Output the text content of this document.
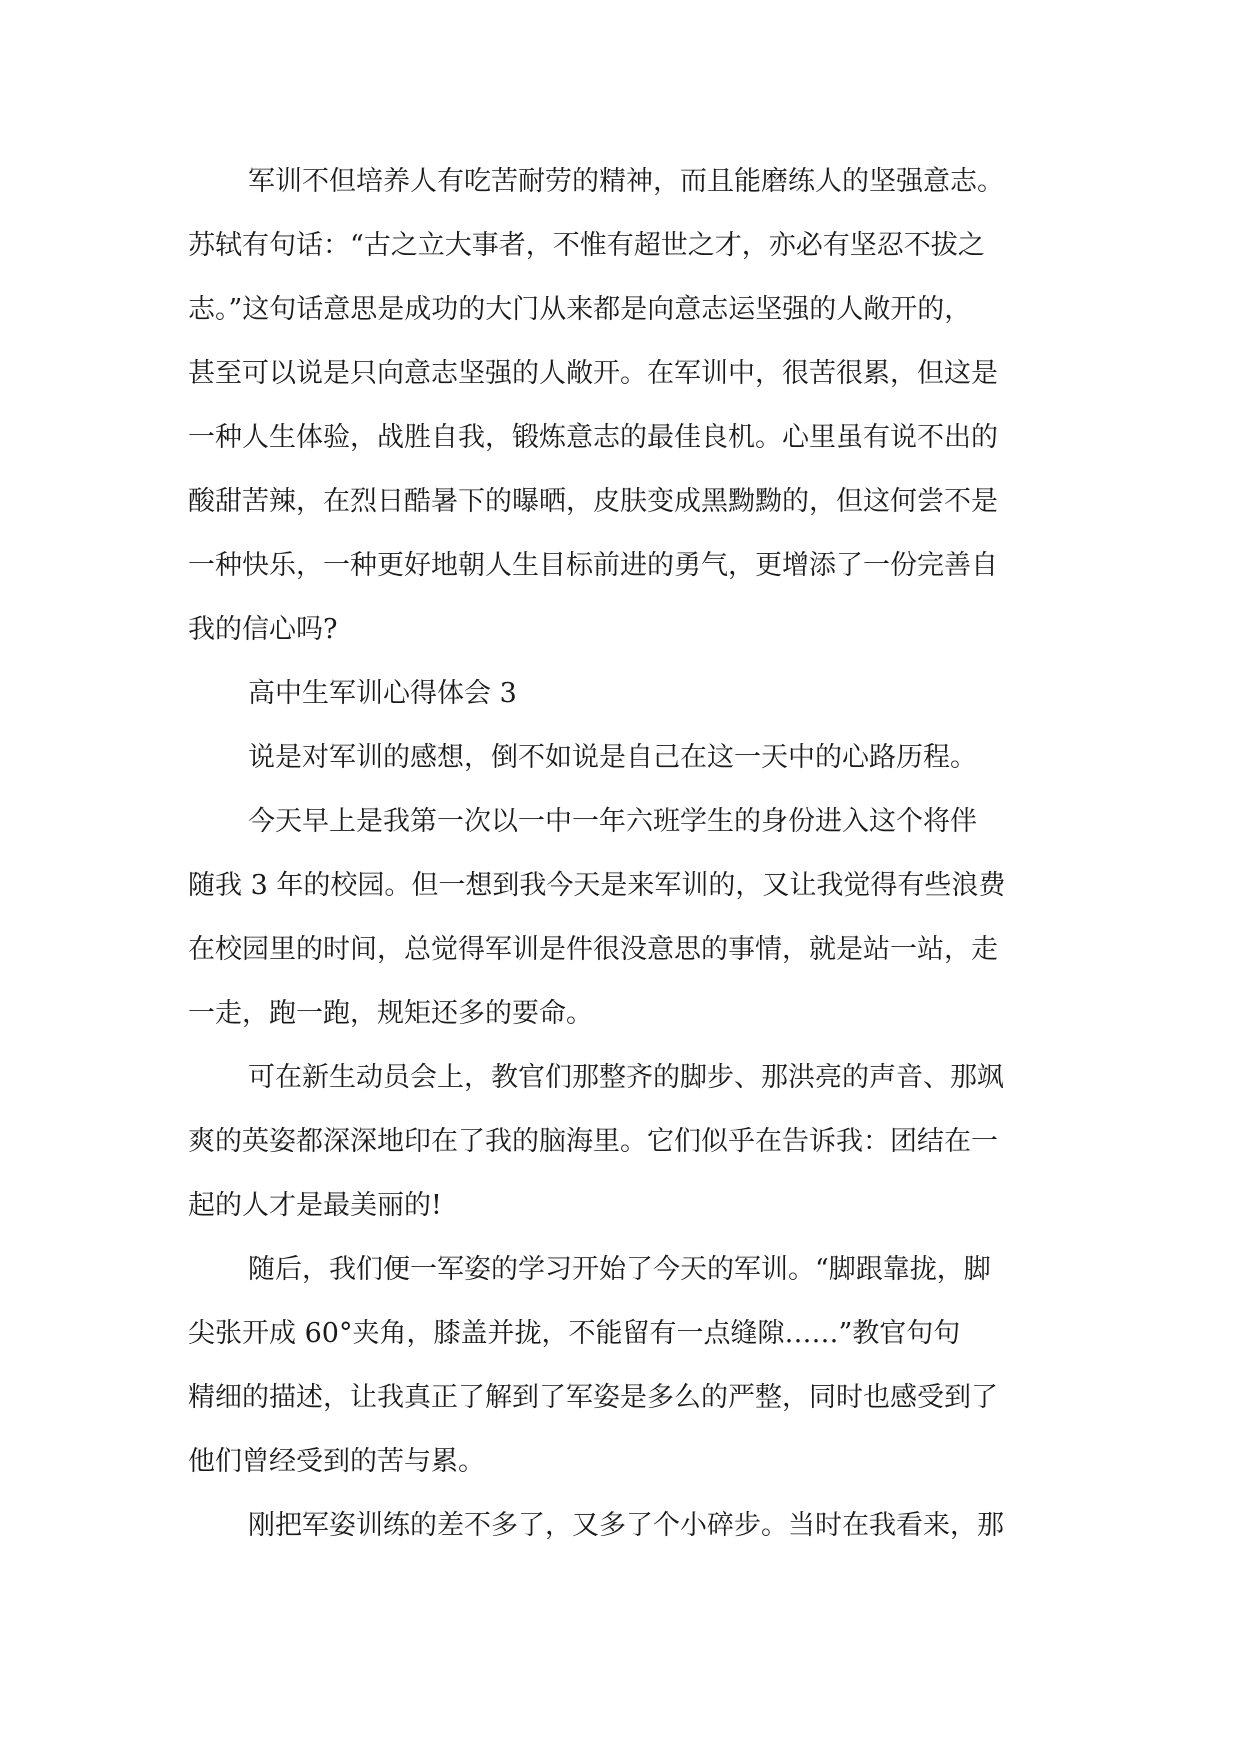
军训不但培养人有吃苦耐劳的精神，而且能磨练人的坚强意志。
苏轼有句话：“古之立大事者，不惟有超世之才，亦必有坚忍不拔之
志。”这句话意思是成功的大门从来都是向意志运坚强的人敞开的，
甚至可以说是只向意志坚强的人敞开。在军训中，很苦很累，但这是
一种人生体验，战胜自我，锻炼意志的最佳良机。心里虽有说不出的
酸甜苦辣，在烈日酷暑下的曝晒，皮肤变成黑黝黝的，但这何尝不是
一种快乐，一种更好地朝人生目标前进的勇气，更增添了一份完善自
我的信心吗?

高中生军训心得体会 3

说是对军训的感想，倒不如说是自己在这一天中的心路历程。

今天早上是我第一次以一中一年六班学生的身份进入这个将伴
随我 3 年的校园。但一想到我今天是来军训的，又让我觉得有些浪费
在校园里的时间，总觉得军训是件很没意思的事情，就是站一站，走
一走，跑一跑，规矩还多的要命。

可在新生动员会上，教官们那整齐的脚步、那洪亮的声音、那飒
爽的英姿都深深地印在了我的脑海里。它们似乎在告诉我：团结在一
起的人才是最美丽的!

随后，我们便一军姿的学习开始了今天的军训。“脚跟靠拢，脚
尖张开成 60°夹角，膝盖并拢，不能留有一点缝隙……”教官句句
精细的描述，让我真正了解到了军姿是多么的严整，同时也感受到了
他们曾经受到的苦与累。

刚把军姿训练的差不多了，又多了个小碎步。当时在我看来，那
